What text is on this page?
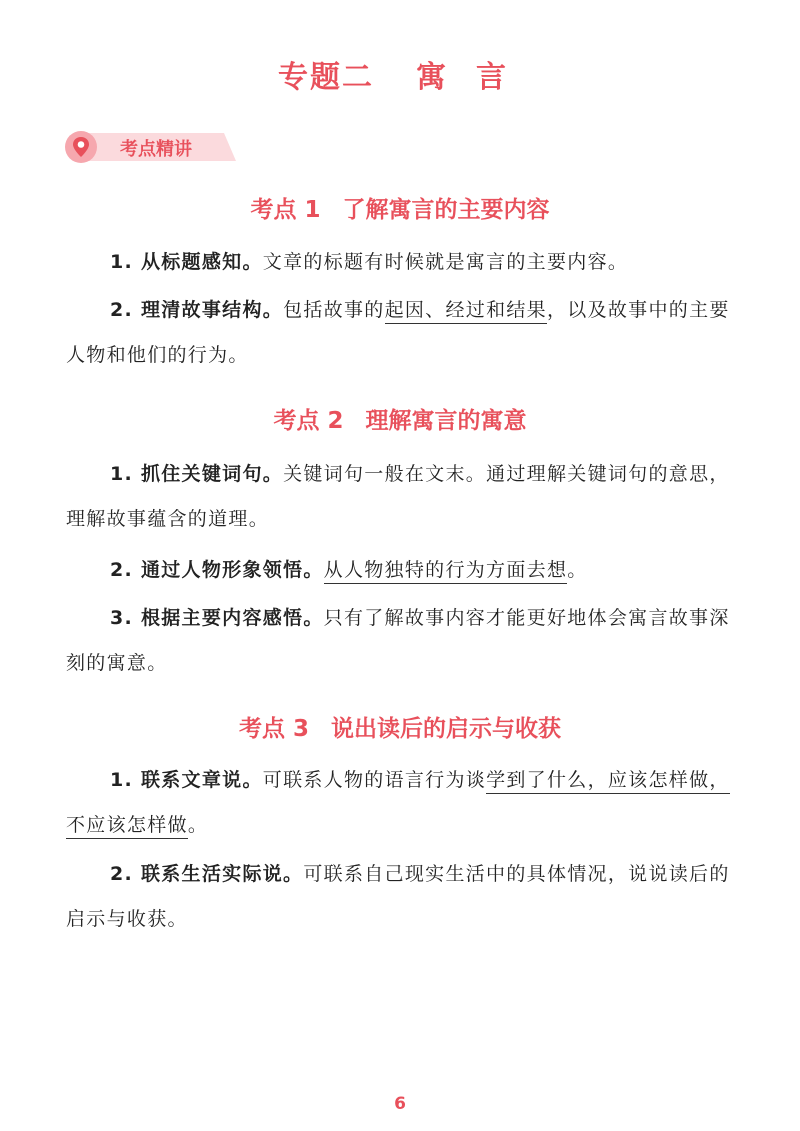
专题二 寓 言
考点精讲
考点 1 了解寓言的主要内容
1. 从标题感知。文章的标题有时候就是寓言的主要内容。
2. 理清故事结构。包括故事的起因、经过和结果，以及故事中的主要人物和他们的行为。
考点 2 理解寓言的寓意
1. 抓住关键词句。关键词句一般在文末。通过理解关键词句的意思，理解故事蕴含的道理。
2. 通过人物形象领悟。从人物独特的行为方面去想。
3. 根据主要内容感悟。只有了解故事内容才能更好地体会寓言故事深刻的寓意。
考点 3 说出读后的启示与收获
1. 联系文章说。可联系人物的语言行为谈学到了什么，应该怎样做，不应该怎样做。
2. 联系生活实际说。可联系自己现实生活中的具体情况，说说读后的启示与收获。
6
